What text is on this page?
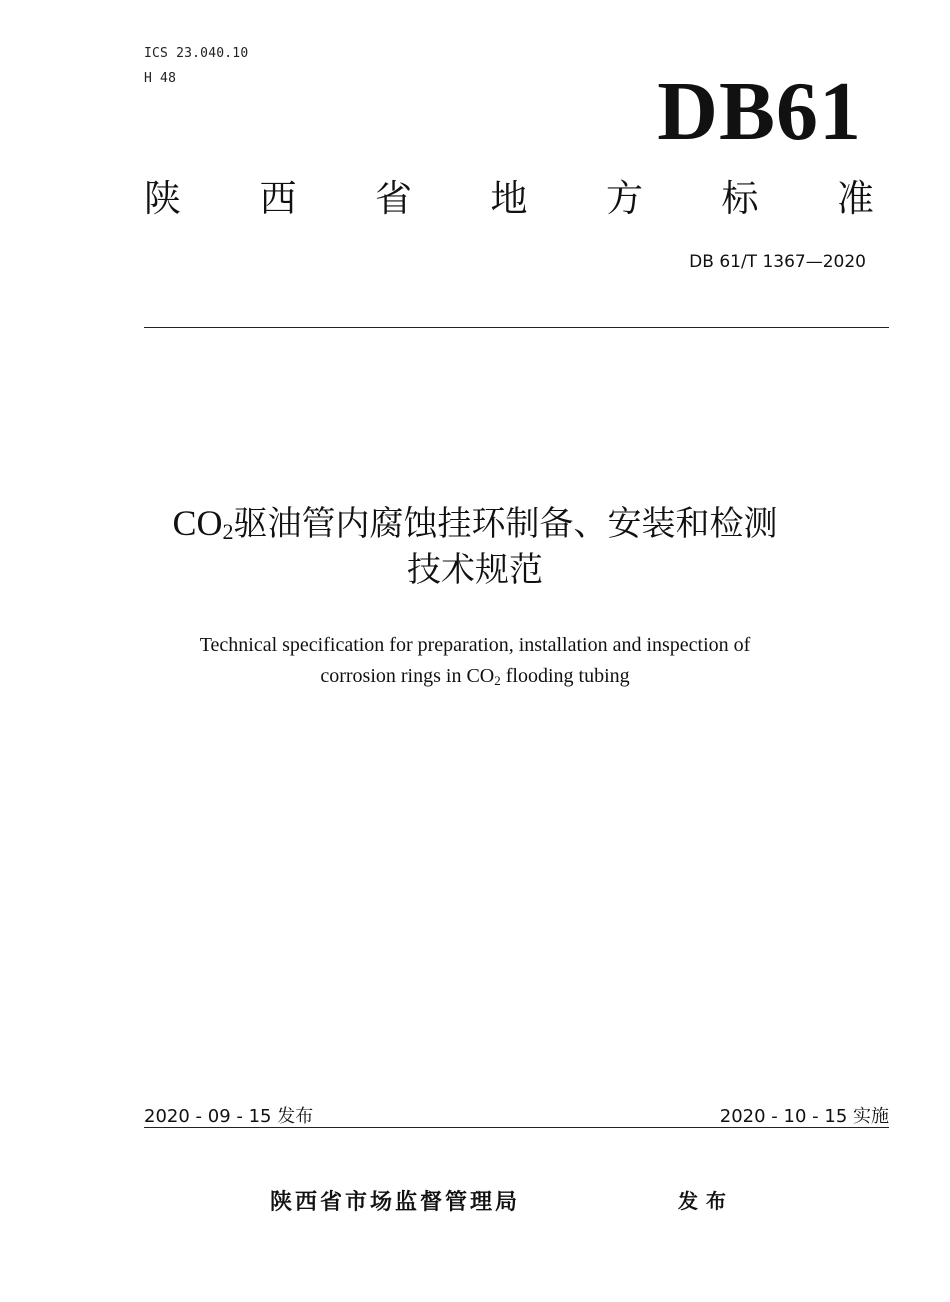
ICS 23.040.10
H 48	DB61
陕 西 省 地 方 标 准
DB 61/T 1367—2020
$CO_2$驱油管内腐蚀挂环制备、安装和检测
技术规范
Technical specification for preparation, installation and inspection of
corrosion rings in $CO_2$ flooding tubing
2020 - 09 - 15 发布	2020 - 10 - 15 实施
陕西省市场监督管理局	发布
